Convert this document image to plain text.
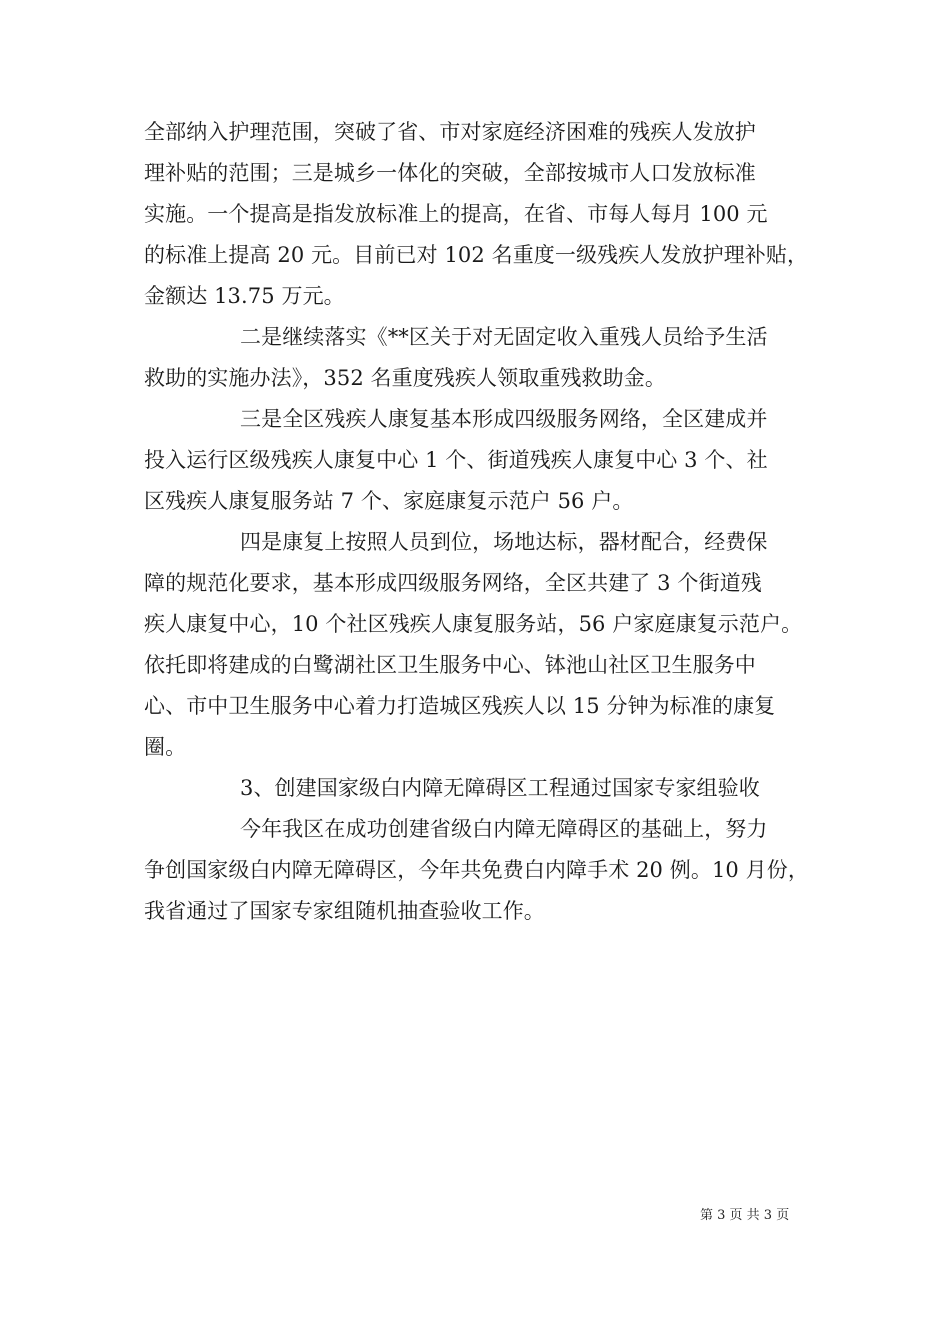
全部纳入护理范围，突破了省、市对家庭经济困难的残疾人发放护
理补贴的范围；三是城乡一体化的突破，全部按城市人口发放标准
实施。一个提高是指发放标准上的提高，在省、市每人每月 100 元
的标准上提高 20 元。目前已对 102 名重度一级残疾人发放护理补贴，
金额达 13.75 万元。
二是继续落实《**区关于对无固定收入重残人员给予生活
救助的实施办法》，352 名重度残疾人领取重残救助金。
三是全区残疾人康复基本形成四级服务网络，全区建成并
投入运行区级残疾人康复中心 1 个、街道残疾人康复中心 3 个、社
区残疾人康复服务站 7 个、家庭康复示范户 56 户。
四是康复上按照人员到位，场地达标，器材配合，经费保
障的规范化要求，基本形成四级服务网络，全区共建了 3 个街道残
疾人康复中心，10 个社区残疾人康复服务站，56 户家庭康复示范户。
依托即将建成的白鹭湖社区卫生服务中心、钵池山社区卫生服务中
心、市中卫生服务中心着力打造城区残疾人以 15 分钟为标准的康复
圈。
3、创建国家级白内障无障碍区工程通过国家专家组验收
今年我区在成功创建省级白内障无障碍区的基础上，努力
争创国家级白内障无障碍区，今年共免费白内障手术 20 例。10 月份，
我省通过了国家专家组随机抽查验收工作。
第 3 页 共 3 页
